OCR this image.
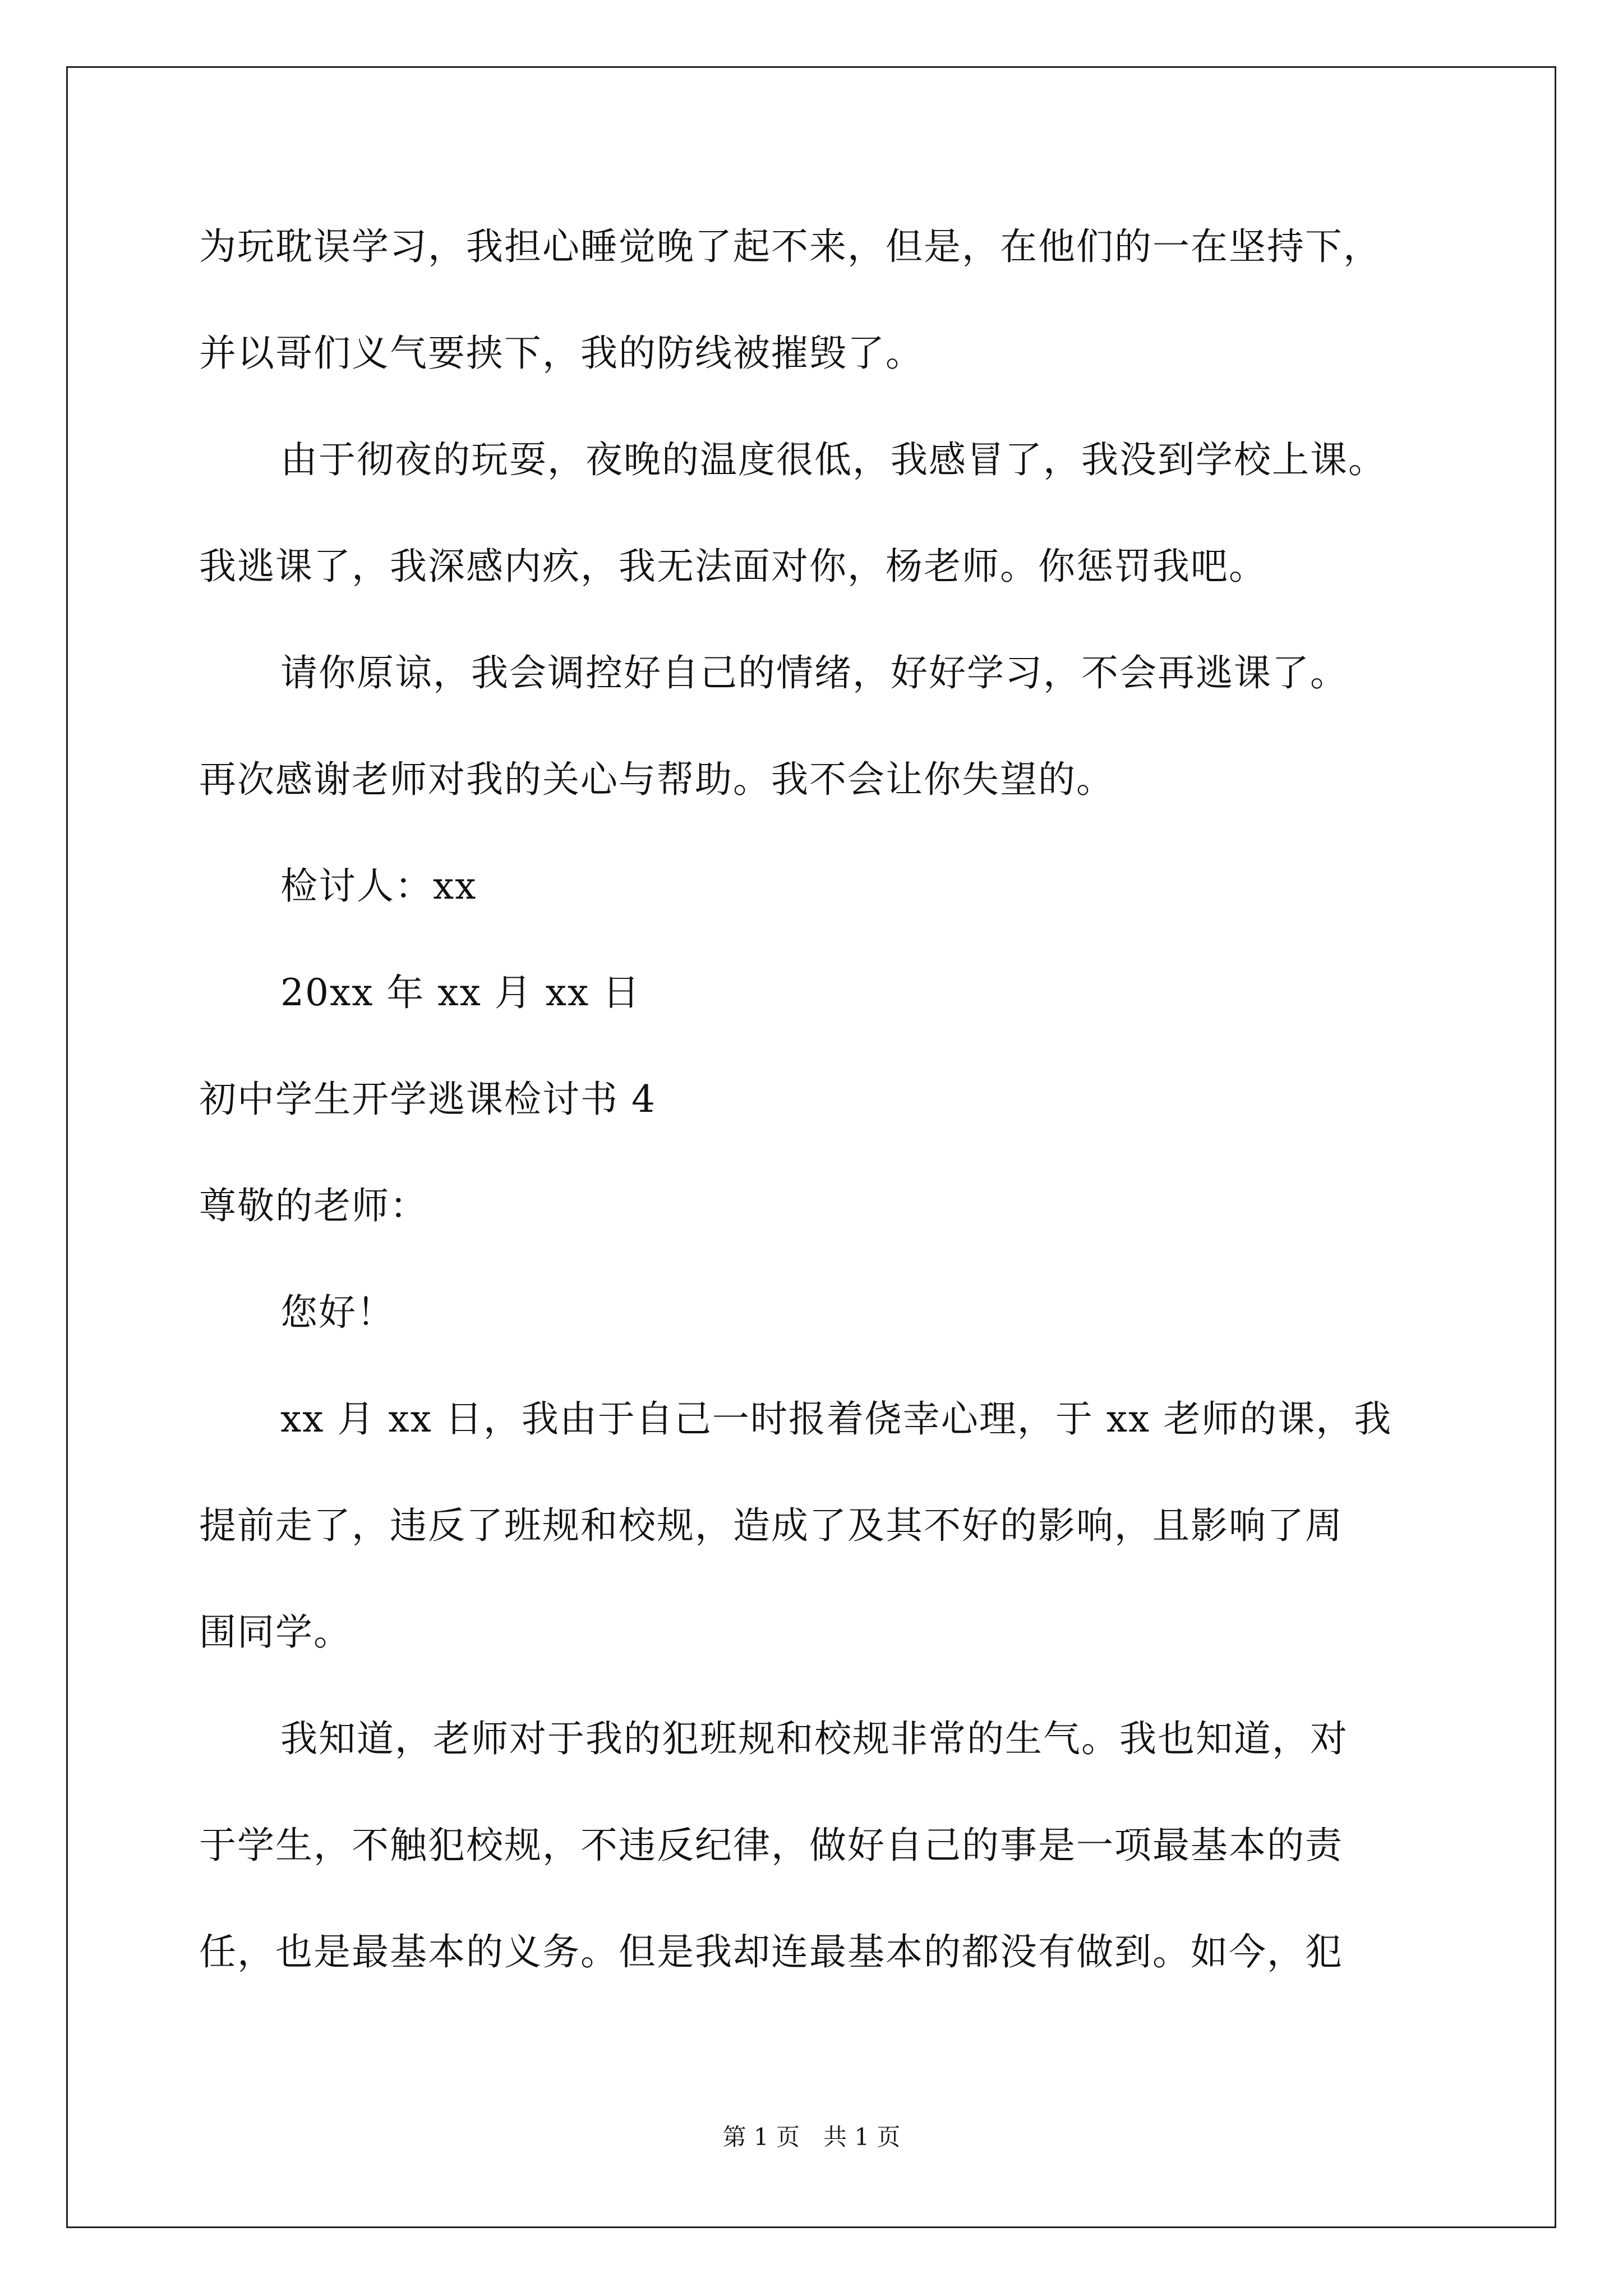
为玩耽误学习，我担心睡觉晚了起不来，但是，在他们的一在坚持下，
并以哥们义气要挟下，我的防线被摧毁了。
由于彻夜的玩耍，夜晚的温度很低，我感冒了，我没到学校上课。
我逃课了，我深感内疚，我无法面对你，杨老师。你惩罚我吧。
请你原谅，我会调控好自己的情绪，好好学习，不会再逃课了。
再次感谢老师对我的关心与帮助。我不会让你失望的。
检讨人：xx
20xx 年 xx 月 xx 日
初中学生开学逃课检讨书 4
尊敬的老师：
您好！
xx 月 xx 日，我由于自己一时报着侥幸心理，于 xx 老师的课，我
提前走了，违反了班规和校规，造成了及其不好的影响，且影响了周
围同学。
我知道，老师对于我的犯班规和校规非常的生气。我也知道，对
于学生，不触犯校规，不违反纪律，做好自己的事是一项最基本的责
任，也是最基本的义务。但是我却连最基本的都没有做到。如今，犯
第 1 页　共 1 页
